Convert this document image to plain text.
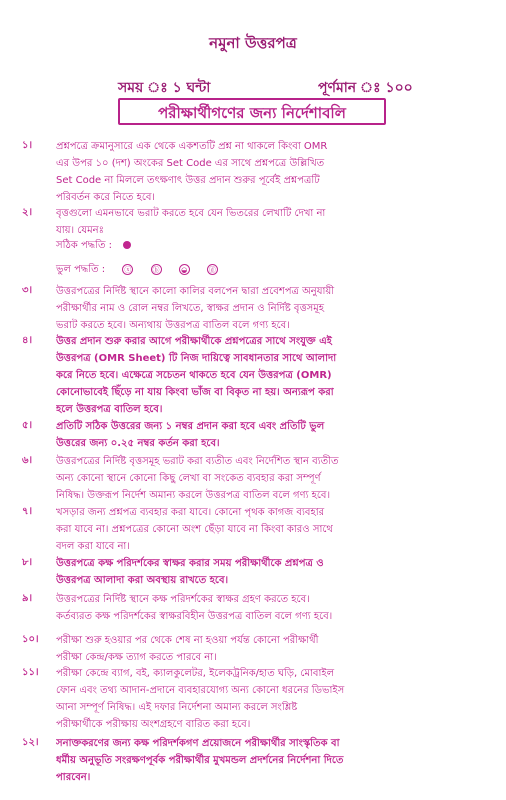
নমুনা উত্তরপত্র
সময় ঃ ১ ঘন্টা	পূর্ণমান ঃ ১০০
পরীক্ষার্থীগণের জন্য নির্দেশাবলি
১।	প্রশ্নপত্রে ক্রমানুসারে এক থেকে একশতটি প্রশ্ন না থাকলে কিংবা OMR
এর উপর ১০ (দশ) অংকের Set Code এর সাথে প্রশ্নপত্রে উল্লিখিত
Set Code না মিললে তৎক্ষণাৎ উত্তর প্রদান শুরুর পূর্বেই প্রশ্নপত্রটি
পরিবর্তন করে নিতে হবে।
২।	বৃত্তগুলো এমনভাবে ভরাট করতে হবে যেন ভিতরের লেখাটি দেখা না
যায়। যেমনঃ
৩।	উত্তরপত্রের নির্দিষ্ট স্থানে কালো কালির বলপেন দ্বারা প্রবেশপত্র অনুযায়ী
পরীক্ষার্থীর নাম ও রোল নম্বর লিখতে, স্বাক্ষর প্রদান ও নির্দিষ্ট বৃত্তসমূহ
ভরাট করতে হবে। অন্যথায় উত্তরপত্র বাতিল বলে গণ্য হবে।
৪।	উত্তর প্রদান শুরু করার আগে পরীক্ষার্থীকে প্রশ্নপত্রের সাথে সংযুক্ত এই
উত্তরপত্র (OMR Sheet) টি নিজ দায়িত্বে সাবধানতার সাথে আলাদা
করে নিতে হবে। এক্ষেত্রে সচেতন থাকতে হবে যেন উত্তরপত্র (OMR)
কোনোভাবেই ছিঁড়ে না যায় কিংবা ভাঁজ বা বিকৃত না হয়। অন্যরূপ করা
হলে উত্তরপত্র বাতিল হবে।
৫।	প্রতিটি সঠিক উত্তরের জন্য ১ নম্বর প্রদান করা হবে এবং প্রতিটি ভুল
উত্তরের জন্য ০.২৫ নম্বর কর্তন করা হবে।
৬।	উত্তরপত্রের নির্দিষ্ট বৃত্তসমূহ ভরাট করা ব্যতীত এবং নির্দেশিত স্থান ব্যতীত
অন্য কোনো স্থানে কোনো কিছু লেখা বা সংকেত ব্যবহার করা সম্পূর্ণ
নিষিদ্ধ। উক্তরূপ নির্দেশ অমান্য করলে উত্তরপত্র বাতিল বলে গণ্য হবে।
৭।	খসড়ার জন্য প্রশ্নপত্র ব্যবহার করা যাবে। কোনো পৃথক কাগজ ব্যবহার
করা যাবে না। প্রশ্নপত্রের কোনো অংশ ছেঁড়া যাবে না কিংবা কারও সাথে
বদল করা যাবে না।
৮।	উত্তরপত্রে কক্ষ পরিদর্শকের স্বাক্ষর করার সময় পরীক্ষার্থীকে প্রশ্নপত্র ও
উত্তরপত্র আলাদা করা অবস্থায় রাখতে হবে।
৯।	উত্তরপত্রের নির্দিষ্ট স্থানে কক্ষ পরিদর্শকের স্বাক্ষর গ্রহণ করতে হবে।
কর্তব্যরত কক্ষ পরিদর্শকের স্বাক্ষরবিহীন উত্তরপত্র বাতিল বলে গণ্য হবে।
১০।	পরীক্ষা শুরু হওয়ার পর থেকে শেষ না হওয়া পর্যন্ত কোনো পরীক্ষার্থী
পরীক্ষা কেন্দ্র/কক্ষ ত্যাগ করতে পারবে না।
১১।	পরীক্ষা কেন্দ্রে ব্যাগ, বই, ক্যালকুলেটর, ইলেকট্রনিক/হাত ঘড়ি, মোবাইল
ফোন এবং তথ্য আদান-প্রদানে ব্যবহারযোগ্য অন্য কোনো ধরনের ডিভাইস
আনা সম্পূর্ণ নিষিদ্ধ। এই দফার নির্দেশনা অমান্য করলে সংশ্লিষ্ট
পরীক্ষার্থীকে পরীক্ষায় অংশগ্রহণে বারিত করা হবে।
১২।	সনাক্তকরণের জন্য কক্ষ পরিদর্শকগণ প্রয়োজনে পরীক্ষার্থীর সাংস্কৃতিক বা
ধর্মীয় অনুভূতি সংরক্ষণপূর্বক পরীক্ষার্থীর মুখমন্ডল প্রদর্শনের নির্দেশনা দিতে
পারবেন।
সঠিক পদ্ধতি :
ভুল পদ্ধতি :	ⓧ	ⓑ	◒	ⓓ
